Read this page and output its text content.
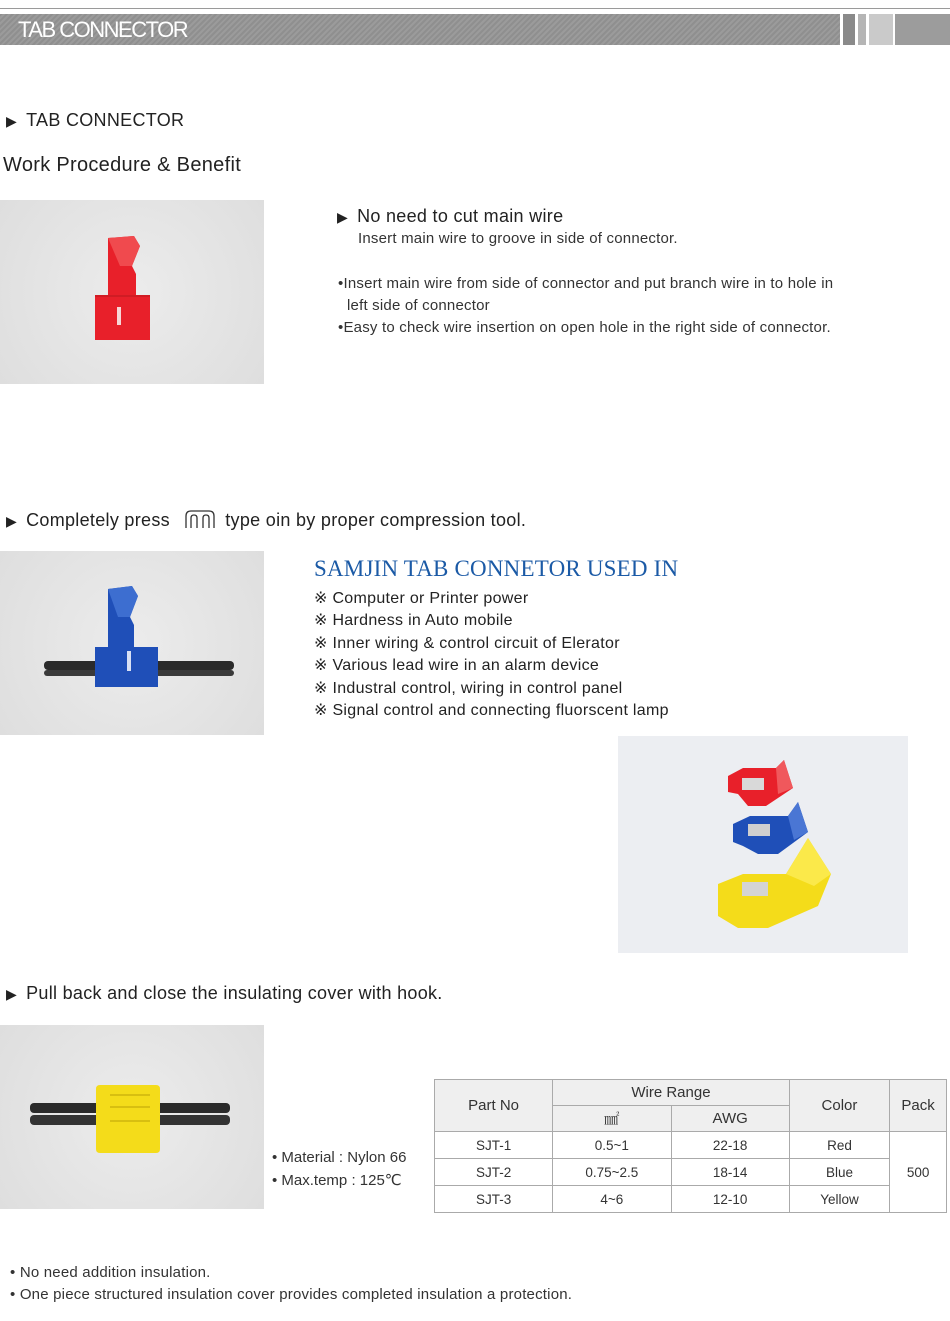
TAB CONNECTOR
▶ TAB CONNECTOR
Work Procedure & Benefit
▶ No need to cut main wire
Insert main wire to groove in side of connector.
•Insert main wire from side of connector and put branch wire in to hole in
left side of connector
•Easy to check wire insertion on open hole in the right side of connector.
▶ Completely press	type oin by proper compression tool.
SAMJIN TAB CONNETOR USED IN
※ Computer or Printer power
※ Hardness in Auto mobile
※ Inner wiring & control circuit of Elerator
※ Various lead wire in an alarm device
※ Industral control, wiring in control panel
※ Signal control and connecting fluorscent lamp
▶ Pull back and close the insulating cover with hook.
• Material : Nylon 66
• Max.temp : 125℃
Part No	Wire Range		Color	Pack
	㎟	AWG		
SJT-1	0.5~1	22-18	Red	500
SJT-2	0.75~2.5	18-14	Blue	
SJT-3	4~6	12-10	Yellow	
• No need addition insulation.
• One piece structured insulation cover provides completed insulation a protection.
